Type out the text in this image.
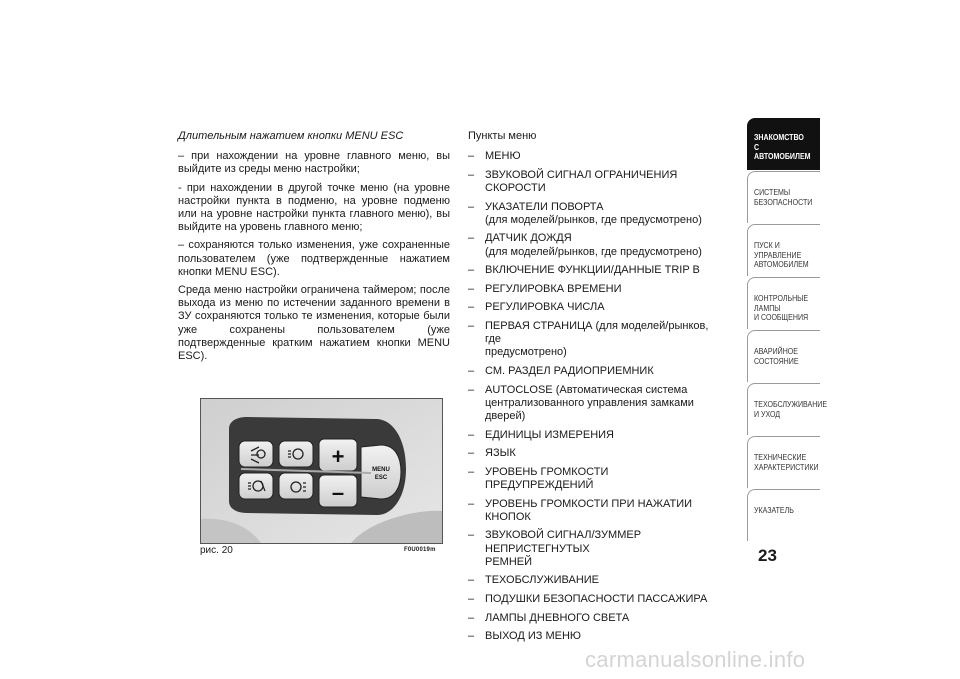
Длительным нажатием кнопки MENU ESC

– при нахождении на уровне главного меню, вы выйдите из среды меню настройки;

- при нахождении в другой точке меню (на уровне настройки пункта в подменю, на уровне подменю или на уровне настройки пункта главного меню), вы выйдите на уровень главного меню;

– сохраняются только изменения, уже сохраненные пользователем (уже подтвержденные нажатием кнопки MENU ESC).

Среда меню настройки ограничена таймером; после выхода из меню по истечении заданного времени в ЗУ сохраняются только те изменения, которые были уже сохранены пользователем (уже подтвержденные кратким нажатием кнопки MENU ESC).

Пункты меню
– МЕНЮ
– ЗВУКОВОЙ СИГНАЛ ОГРАНИЧЕНИЯ СКОРОСТИ
– УКАЗАТЕЛИ ПОВОРТА
(для моделей/рынков, где предусмотрено)
– ДАТЧИК ДОЖДЯ
(для моделей/рынков, где предусмотрено)
– ВКЛЮЧЕНИЕ ФУНКЦИИ/ДАННЫЕ TRIP B
– РЕГУЛИРОВКА ВРЕМЕНИ
– РЕГУЛИРОВКА ЧИСЛА
– ПЕРВАЯ СТРАНИЦА (для моделей/рынков, где
предусмотрено)
– СМ. РАЗДЕЛ РАДИОПРИЕМНИК
– AUTOCLOSE (Автоматическая система
централизованного управления замками дверей)
– ЕДИНИЦЫ ИЗМЕРЕНИЯ
– ЯЗЫК
– УРОВЕНЬ ГРОМКОСТИ ПРЕДУПРЕЖДЕНИЙ
– УРОВЕНЬ ГРОМКОСТИ ПРИ НАЖАТИИ КНОПОК
– ЗВУКОВОЙ СИГНАЛ/ЗУММЕР НЕПРИСТЕГНУТЫХ
РЕМНЕЙ
– ТЕХОБСЛУЖИВАНИЕ
– ПОДУШКИ БЕЗОПАСНОСТИ ПАССАЖИРА
– ЛАМПЫ ДНЕВНОГО СВЕТА
– ВЫХОД ИЗ МЕНЮ
+
–
MENU
ESC
рис. 20	F0U0019m
ЗНАКОМСТВО С
АВТОМОБИЛЕМ
СИСТЕМЫ
БЕЗОПАСНОСТИ
ПУСК И УПРАВЛЕНИЕ
АВТОМОБИЛЕМ
КОНТРОЛЬНЫЕ
ЛАМПЫ
И СООБЩЕНИЯ
АВАРИЙНОЕ
СОСТОЯНИЕ
ТЕХОБСЛУЖИВАНИЕ
И УХОД
ТЕХНИЧЕСКИЕ
ХАРАКТЕРИСТИКИ
УКАЗАТЕЛЬ
23
carmanualsonline.info
